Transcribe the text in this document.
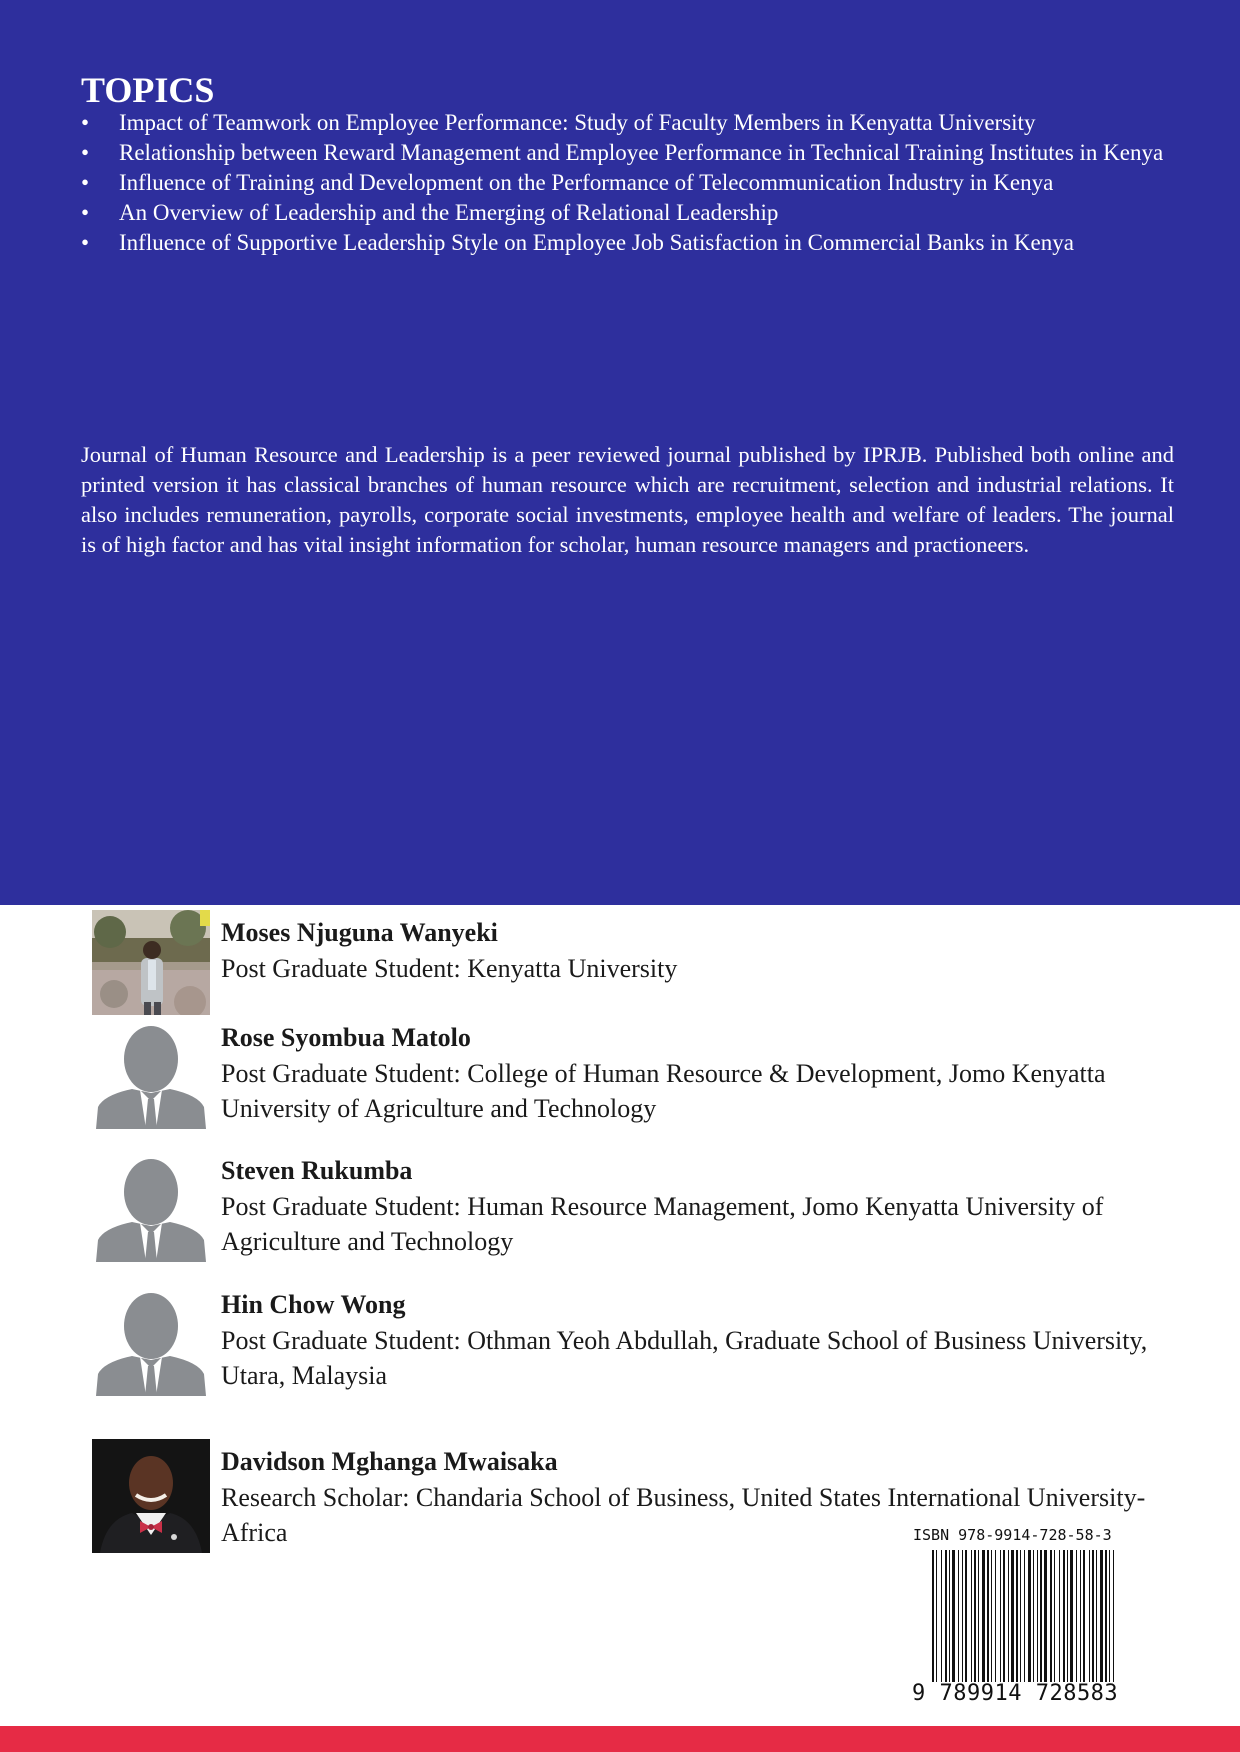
TOPICS
•	Impact of Teamwork on Employee Performance: Study of Faculty Members in Kenyatta University
•	Relationship between Reward Management and Employee Performance in Technical Training Institutes in Kenya
•	Influence of Training and Development on the Performance of Telecommunication Industry in Kenya
•	An Overview of Leadership and the Emerging of Relational Leadership
•	Influence of Supportive Leadership Style on Employee Job Satisfaction in Commercial Banks in Kenya

Journal of Human Resource and Leadership is a peer reviewed journal published by IPRJB. Published both online and printed version it has classical branches of human resource which are recruitment, selection and industrial relations. It also includes remuneration, payrolls, corporate social investments, employee health and welfare of leaders. The journal is of high factor and has vital insight information for scholar, human resource managers and practioneers.

Moses Njuguna Wanyeki

Post Graduate Student: Kenyatta University

Rose Syombua Matolo

Post Graduate Student: College of Human Resource & Development, Jomo Kenyatta University of Agriculture and Technology

Steven Rukumba

Post Graduate Student: Human Resource Management, Jomo Kenyatta University of Agriculture and Technology

Hin Chow Wong

Post Graduate Student: Othman Yeoh Abdullah, Graduate School of Business University, Utara, Malaysia

Davidson Mghanga Mwaisaka

Research Scholar: Chandaria School of Business, United States International University-Africa	ISBN 978-9914-728-58-3

9 789914 728583
